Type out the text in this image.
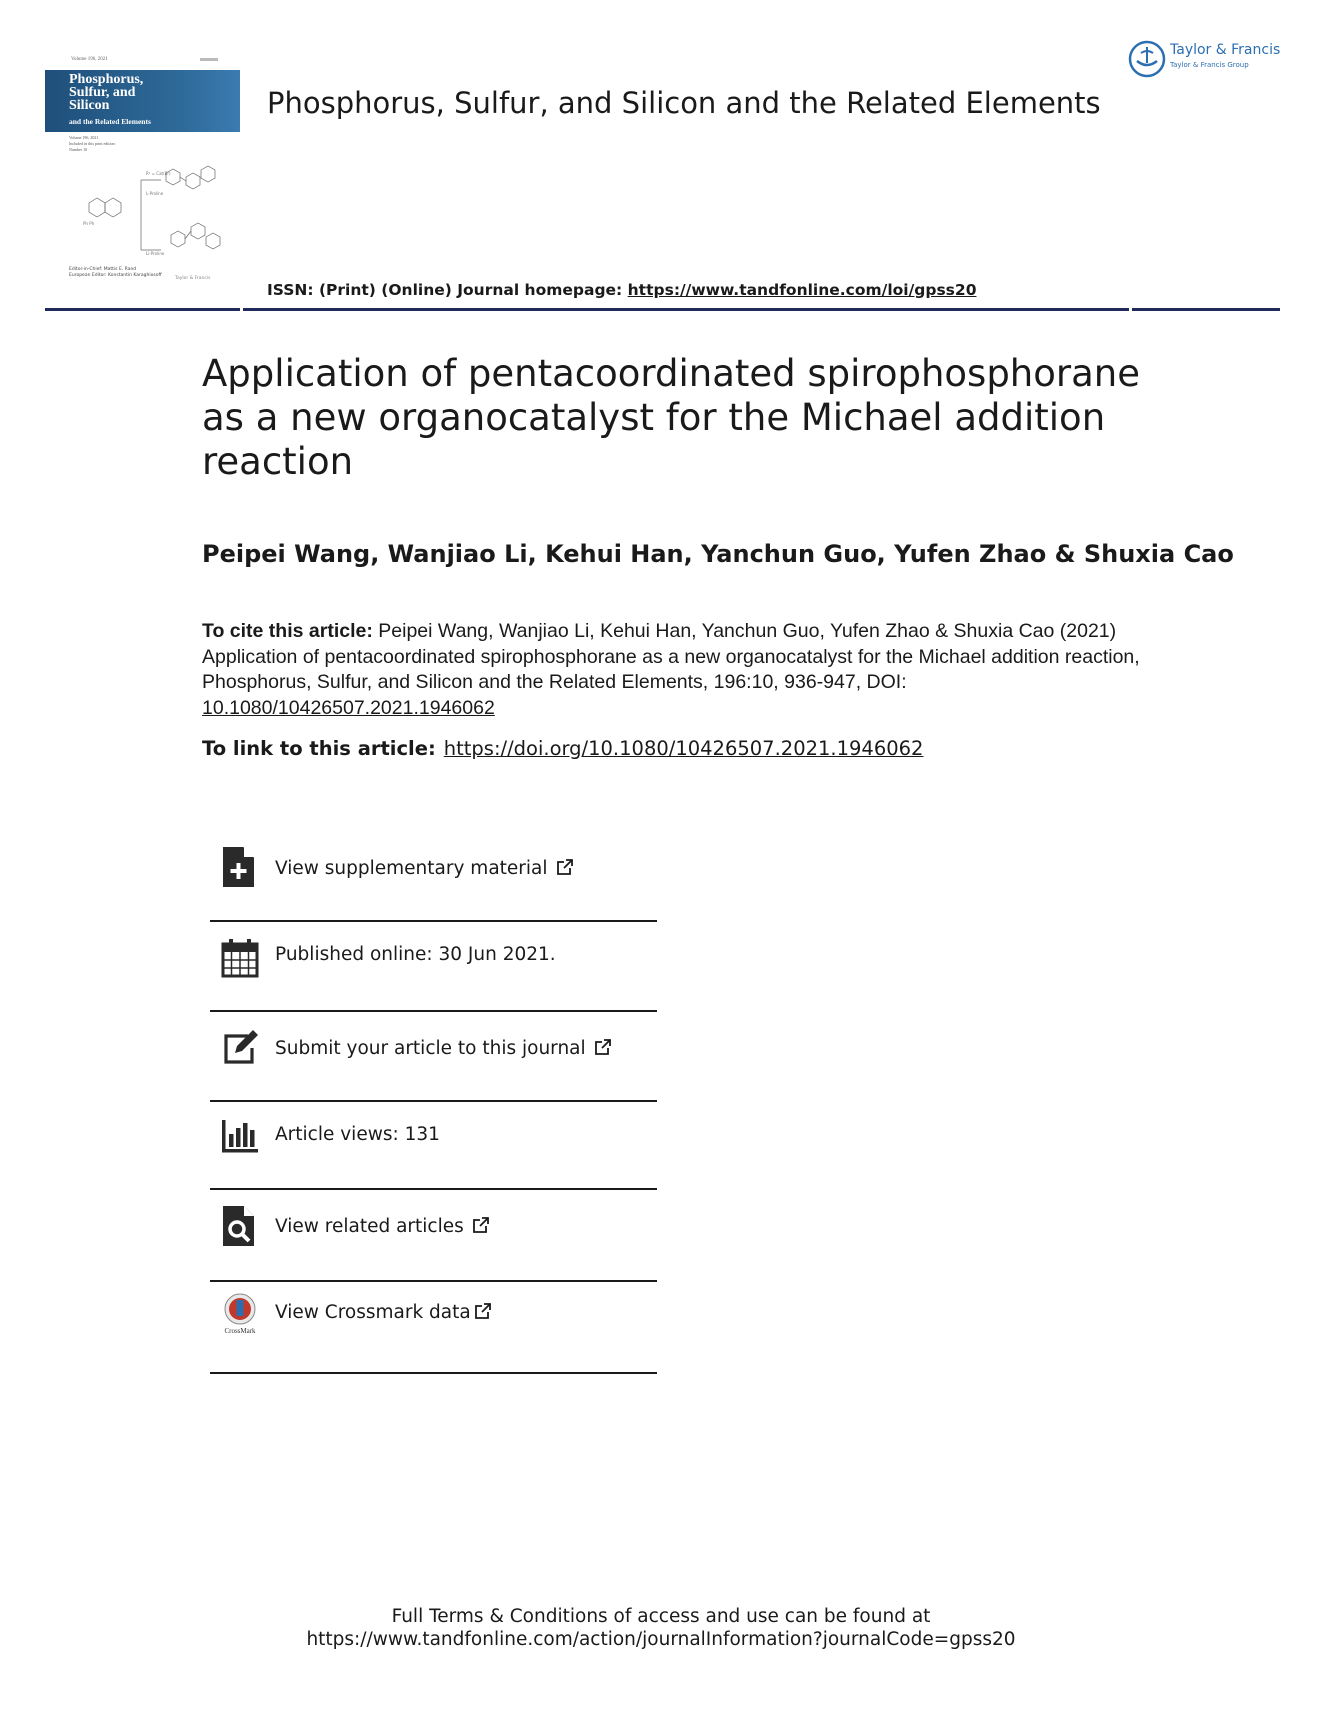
Volume 196, 2021
Phosphorus,
Sulfur, and
Silicon
and the Related Elements
Volume 196, 2021
Included in this print edition:
Number 10
R¹ = Cat(Br)
L-Proline
Li-Proline
Ph Ph
Editor-in-Chief: Mattis E. Rand
European Editor: Konstantin Karaghiosoff
Taylor & Francis
Phosphorus, Sulfur, and Silicon and the Related Elements
Taylor & Francis
Taylor & Francis Group
ISSN: (Print) (Online) Journal homepage: https://www.tandfonline.com/loi/gpss20
Application of pentacoordinated spirophosphorane as a new organocatalyst for the Michael addition reaction
Peipei Wang, Wanjiao Li, Kehui Han, Yanchun Guo, Yufen Zhao & Shuxia Cao
To cite this article: Peipei Wang, Wanjiao Li, Kehui Han, Yanchun Guo, Yufen Zhao & Shuxia Cao (2021) Application of pentacoordinated spirophosphorane as a new organocatalyst for the Michael addition reaction, Phosphorus, Sulfur, and Silicon and the Related Elements, 196:10, 936-947, DOI: 10.1080/10426507.2021.1946062
To link to this article: https://doi.org/10.1080/10426507.2021.1946062
View supplementary material
Published online: 30 Jun 2021.
Submit your article to this journal
Article views: 131
View related articles
CrossMark
View Crossmark data
Full Terms & Conditions of access and use can be found at
https://www.tandfonline.com/action/journalInformation?journalCode=gpss20
